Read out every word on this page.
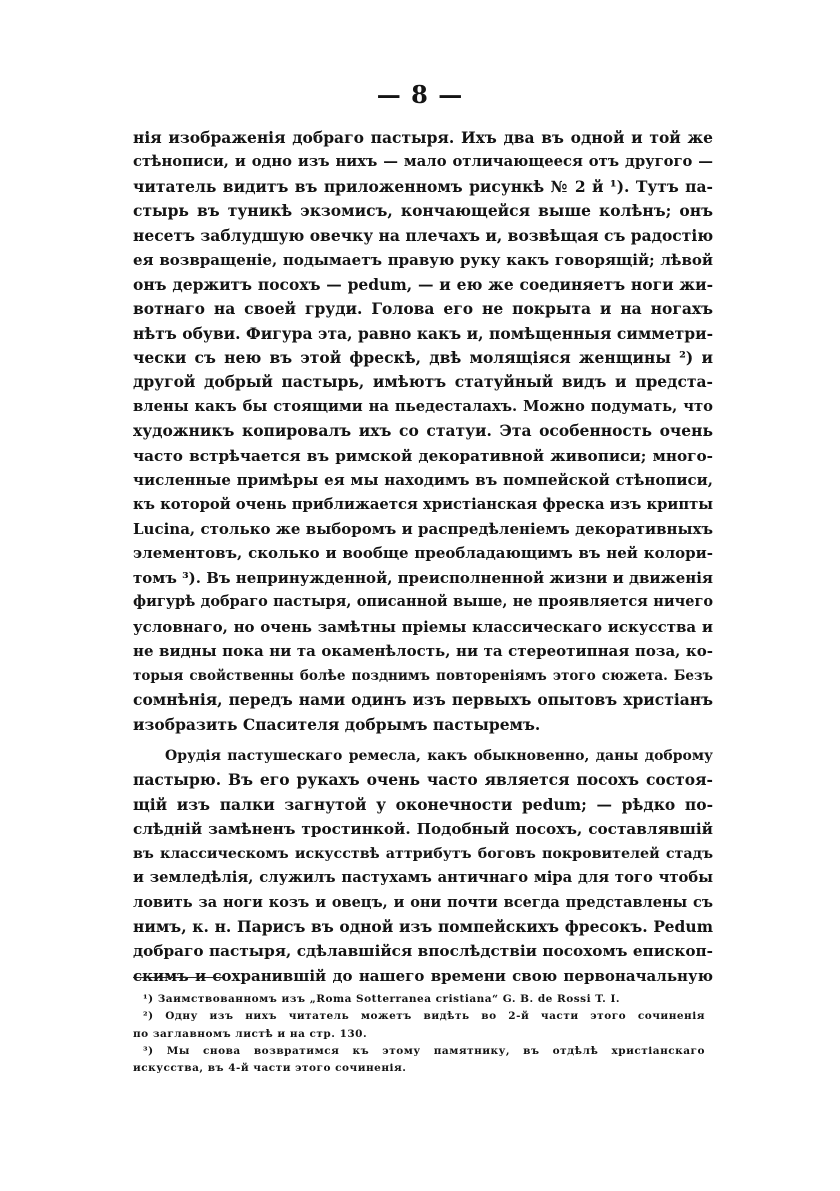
— 8 —
нія изображенія добраго пастыря. Ихъ два въ одной и той же
стѣнописи, и одно изъ нихъ — мало отличающееся отъ другого —
читатель видитъ въ приложенномъ рисункѣ № 2 й ¹). Тутъ па-
стырь въ туникѣ экзомисъ, кончающейся выше колѣнъ; онъ
несетъ заблудшую овечку на плечахъ и, возвѣщая съ радостію
ея возвращеніе, подымаетъ правую руку какъ говорящій; лѣвой
онъ держитъ посохъ — pedum, — и ею же соединяетъ ноги жи-
вотнаго на своей груди. Голова его не покрыта и на ногахъ
нѣтъ обуви. Фигура эта, равно какъ и, помѣщенныя симметри-
чески съ нею въ этой фрескѣ, двѣ молящіяся женщины ²) и
другой добрый пастырь, имѣютъ статуйный видъ и предста-
влены какъ бы стоящими на пьедесталахъ. Можно подумать, что
художникъ копировалъ ихъ со статуи. Эта особенность очень
часто встрѣчается въ римской декоративной живописи; много-
численные примѣры ея мы находимъ въ помпейской стѣнописи,
къ которой очень приближается христіанская фреска изъ крипты
Lucina, столько же выборомъ и распредѣленіемъ декоративныхъ
элементовъ, сколько и вообще преобладающимъ въ ней колори-
томъ ³). Въ непринужденной, преисполненной жизни и движенія
фигурѣ добраго пастыря, описанной выше, не проявляется ничего
условнаго, но очень замѣтны пріемы классическаго искусства и
не видны пока ни та окаменѣлость, ни та стереотипная поза, ко-
торыя свойственны болѣе позднимъ повтореніямъ этого сюжета. Безъ
сомнѣнія, передъ нами одинъ изъ первыхъ опытовъ христіанъ
изобразить Спасителя добрымъ пастыремъ.
Орудія пастушескаго ремесла, какъ обыкновенно, даны доброму
пастырю. Въ его рукахъ очень часто является посохъ состоя-
щій изъ палки загнутой у оконечности pedum; — рѣдко по-
слѣдній замѣненъ тростинкой. Подобный посохъ, составлявшій
въ классическомъ искусствѣ аттрибутъ боговъ покровителей стадъ
и земледѣлія, служилъ пастухамъ античнаго міра для того чтобы
ловить за ноги козъ и овецъ, и они почти всегда представлены съ
нимъ, к. н. Парисъ въ одной изъ помпейскихъ фресокъ. Pedum
добраго пастыря, сдѣлавшійся впослѣдствіи посохомъ епископ-
скимъ и сохранившій до нашего времени свою первоначальную
¹) Заимствованномъ изъ „Roma Sotterranea cristiana“ G. B. de Rossi T. I.
²) Одну изъ нихъ читатель можетъ видѣть во 2-й части этого сочиненія
по заглавномъ листѣ и на стр. 130.
³) Мы снова возвратимся къ этому памятнику, въ отдѣлѣ христіанскаго
искусства, въ 4-й части этого сочиненія.
